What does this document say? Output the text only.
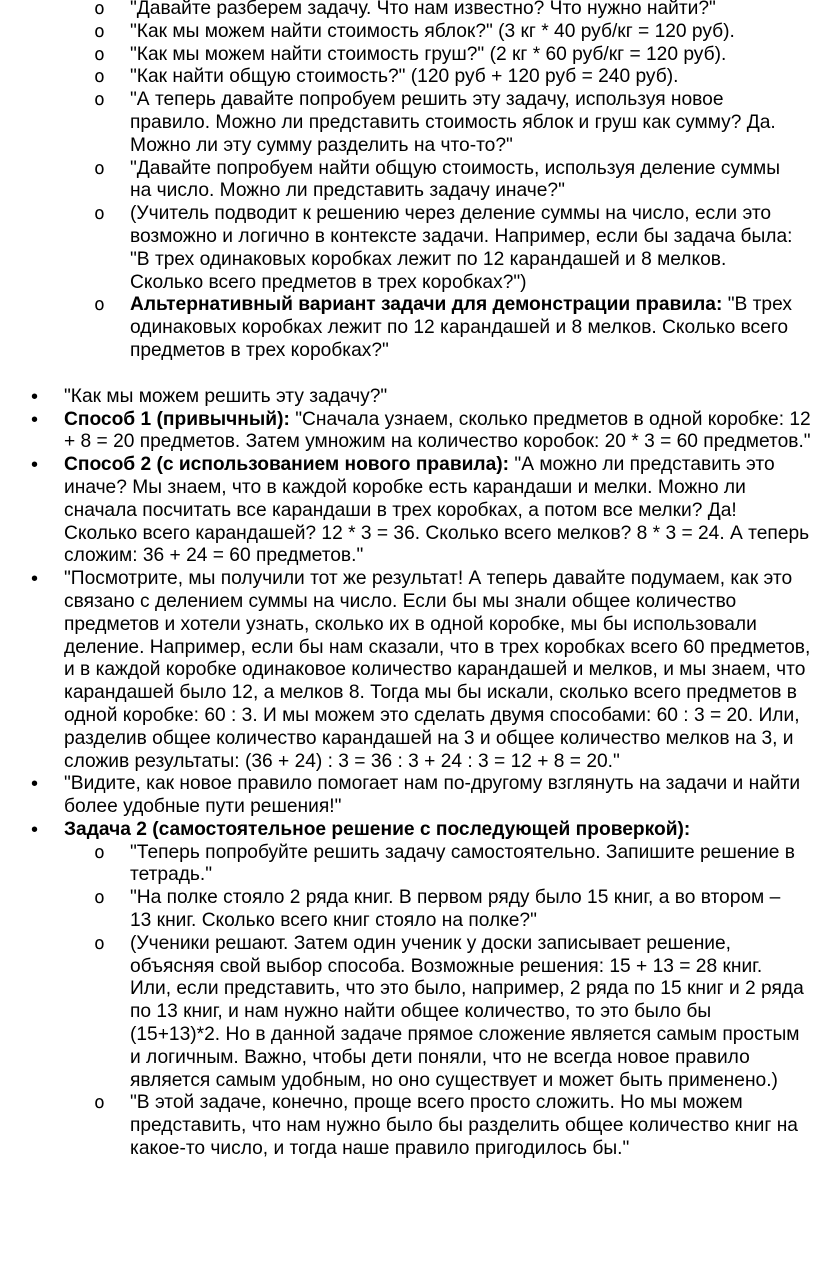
o "Давайте разберем задачу. Что нам известно? Что нужно найти?"
o "Как мы можем найти стоимость яблок?" (3 кг * 40 руб/кг = 120 руб).
o "Как мы можем найти стоимость груш?" (2 кг * 60 руб/кг = 120 руб).
o "Как найти общую стоимость?" (120 руб + 120 руб = 240 руб).
o "А теперь давайте попробуем решить эту задачу, используя новое правило. Можно ли представить стоимость яблок и груш как сумму? Да. Можно ли эту сумму разделить на что-то?"
o "Давайте попробуем найти общую стоимость, используя деление суммы на число. Можно ли представить задачу иначе?"
o (Учитель подводит к решению через деление суммы на число, если это возможно и логично в контексте задачи. Например, если бы задача была: "В трех одинаковых коробках лежит по 12 карандашей и 8 мелков. Сколько всего предметов в трех коробках?")
o Альтернативный вариант задачи для демонстрации правила: "В трех одинаковых коробках лежит по 12 карандашей и 8 мелков. Сколько всего предметов в трех коробках?"
• "Как мы можем решить эту задачу?"
• Способ 1 (привычный): "Сначала узнаем, сколько предметов в одной коробке: 12 + 8 = 20 предметов. Затем умножим на количество коробок: 20 * 3 = 60 предметов."
• Способ 2 (с использованием нового правила): "А можно ли представить это иначе? Мы знаем, что в каждой коробке есть карандаши и мелки. Можно ли сначала посчитать все карандаши в трех коробках, а потом все мелки? Да! Сколько всего карандашей? 12 * 3 = 36. Сколько всего мелков? 8 * 3 = 24. А теперь сложим: 36 + 24 = 60 предметов."
• "Посмотрите, мы получили тот же результат! А теперь давайте подумаем, как это связано с делением суммы на число. Если бы мы знали общее количество предметов и хотели узнать, сколько их в одной коробке, мы бы использовали деление. Например, если бы нам сказали, что в трех коробках всего 60 предметов, и в каждой коробке одинаковое количество карандашей и мелков, и мы знаем, что карандашей было 12, а мелков 8. Тогда мы бы искали, сколько всего предметов в одной коробке: 60 : 3. И мы можем это сделать двумя способами: 60 : 3 = 20. Или, разделив общее количество карандашей на 3 и общее количество мелков на 3, и сложив результаты: (36 + 24) : 3 = 36 : 3 + 24 : 3 = 12 + 8 = 20."
• "Видите, как новое правило помогает нам по-другому взглянуть на задачи и найти более удобные пути решения!"
• Задача 2 (самостоятельное решение с последующей проверкой):
o "Теперь попробуйте решить задачу самостоятельно. Запишите решение в тетрадь."
o "На полке стояло 2 ряда книг. В первом ряду было 15 книг, а во втором – 13 книг. Сколько всего книг стояло на полке?"
o (Ученики решают. Затем один ученик у доски записывает решение, объясняя свой выбор способа. Возможные решения: 15 + 13 = 28 книг. Или, если представить, что это было, например, 2 ряда по 15 книг и 2 ряда по 13 книг, и нам нужно найти общее количество, то это было бы (15+13)*2. Но в данной задаче прямое сложение является самым простым и логичным. Важно, чтобы дети поняли, что не всегда новое правило является самым удобным, но оно существует и может быть применено.)
o "В этой задаче, конечно, проще всего просто сложить. Но мы можем представить, что нам нужно было бы разделить общее количество книг на какое-то число, и тогда наше правило пригодилось бы."
